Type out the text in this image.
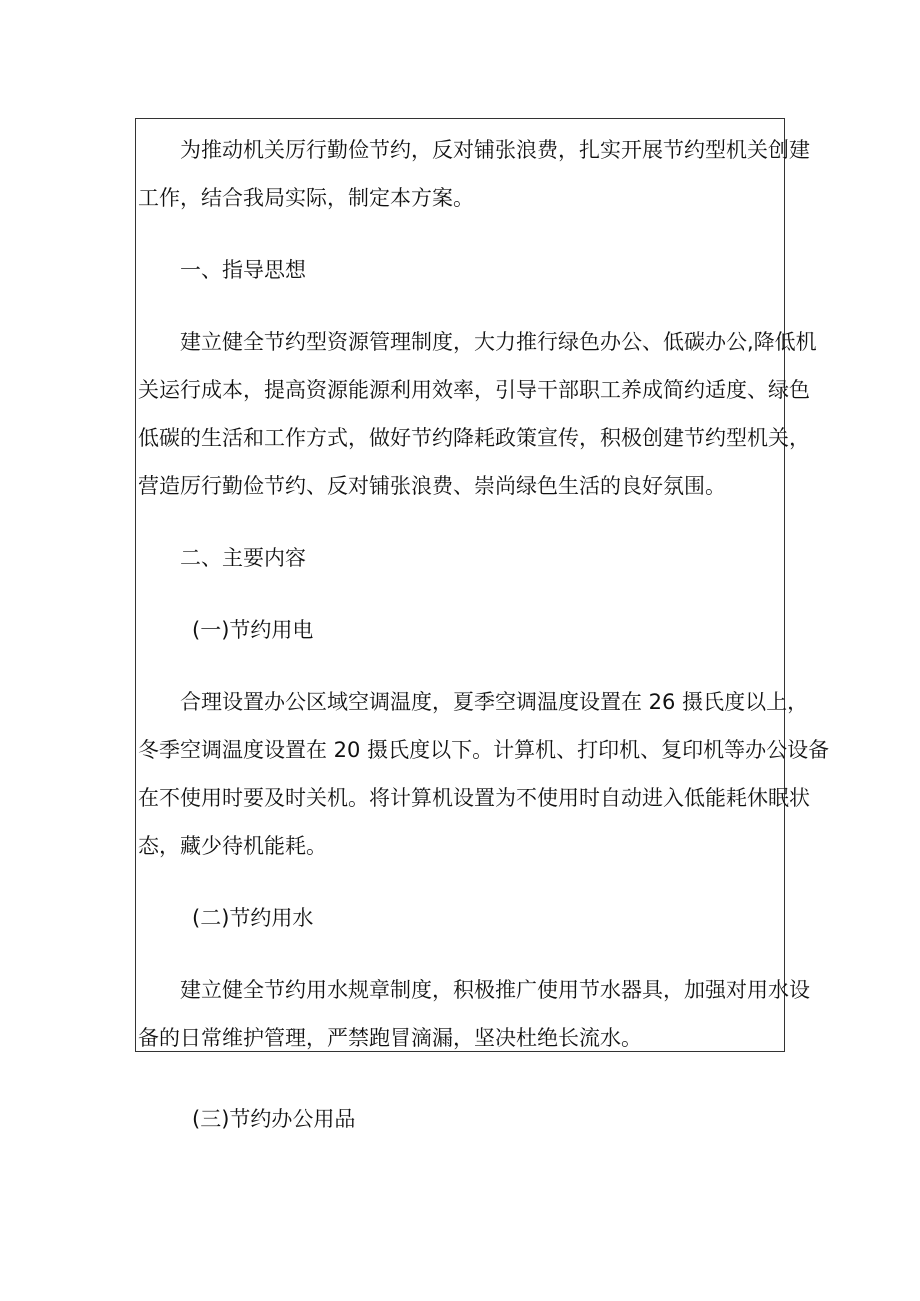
为推动机关厉行勤俭节约，反对铺张浪费，扎实开展节约型机关创建
工作，结合我局实际，制定本方案。
一、指导思想
建立健全节约型资源管理制度，大力推行绿色办公、低碳办公,降低机
关运行成本，提高资源能源利用效率，引导干部职工养成简约适度、绿色
低碳的生活和工作方式，做好节约降耗政策宣传，积极创建节约型机关，
营造厉行勤俭节约、反对铺张浪费、崇尚绿色生活的良好氛围。
二、主要内容
(一)节约用电
合理设置办公区域空调温度，夏季空调温度设置在 26 摄氏度以上，
冬季空调温度设置在 20 摄氏度以下。计算机、打印机、复印机等办公设备
在不使用时要及时关机。将计算机设置为不使用时自动进入低能耗休眠状
态，藏少待机能耗。
(二)节约用水
建立健全节约用水规章制度，积极推广使用节水器具，加强对用水设
备的日常维护管理，严禁跑冒滴漏，坚决杜绝长流水。
(三)节约办公用品
